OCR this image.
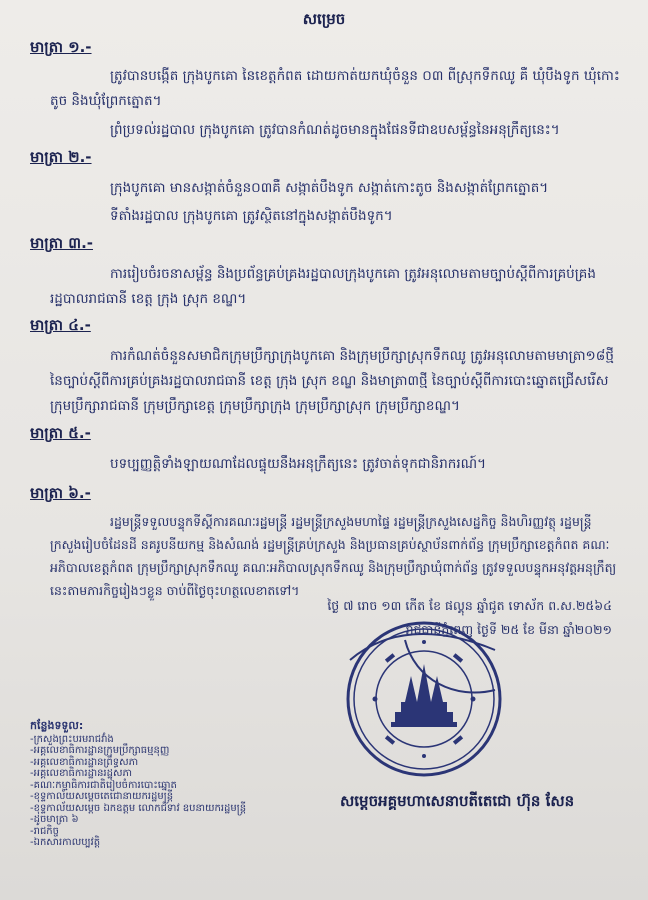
សម្រេច
មាត្រា ១.-
ត្រូវបានបង្កើត ក្រុងបូកគោ នៃខេត្តកំពត ដោយកាត់យកឃុំចំនួន ០៣ ពីស្រុកទឹកឈូ គឺ ឃុំបឹងទូក ឃុំកោះតូច និងឃុំព្រែកត្នោត។
ព្រំប្រទល់រដ្ឋបាល ក្រុងបូកគោ ត្រូវបានកំណត់ដូចមានក្នុងផែនទីជាឧបសម្ព័ន្ធនៃអនុក្រឹត្យនេះ។
មាត្រា ២.-
ក្រុងបូកគោ មានសង្កាត់ចំនួន០៣គឺ សង្កាត់បឹងទូក សង្កាត់កោះតូច និងសង្កាត់ព្រែកត្នោត។
ទីតាំងរដ្ឋបាល ក្រុងបូកគោ ត្រូវស្ថិតនៅក្នុងសង្កាត់បឹងទូក។
មាត្រា ៣.-
ការរៀបចំរចនាសម្ព័ន្ធ និងប្រព័ន្ធគ្រប់គ្រងរដ្ឋបាលក្រុងបូកគោ ត្រូវអនុលោមតាមច្បាប់ស្តីពីការគ្រប់គ្រងរដ្ឋបាលរាជធានី ខេត្ត ក្រុង ស្រុក ខណ្ឌ។
មាត្រា ៤.-
ការកំណត់ចំនួនសមាជិកក្រុមប្រឹក្សាក្រុងបូកគោ និងក្រុមប្រឹក្សាស្រុកទឹកឈូ ត្រូវអនុលោមតាមមាត្រា១៨ថ្មី នៃច្បាប់ស្តីពីការគ្រប់គ្រងរដ្ឋបាលរាជធានី ខេត្ត ក្រុង ស្រុក ខណ្ឌ និងមាត្រា៣ថ្មី នៃច្បាប់ស្តីពីការបោះឆ្នោតជ្រើសរើសក្រុមប្រឹក្សារាជធានី ក្រុមប្រឹក្សាខេត្ត ក្រុមប្រឹក្សាក្រុង ក្រុមប្រឹក្សាស្រុក ក្រុមប្រឹក្សាខណ្ឌ។
មាត្រា ៥.-
បទប្បញ្ញត្តិទាំងឡាយណាដែលផ្ទុយនឹងអនុក្រឹត្យនេះ ត្រូវចាត់ទុកជានិរាករណ៍។
មាត្រា ៦.-
រដ្ឋមន្ត្រីទទួលបន្ទុកទីស្តីការគណៈរដ្ឋមន្ត្រី រដ្ឋមន្ត្រីក្រសួងមហាផ្ទៃ រដ្ឋមន្ត្រីក្រសួងសេដ្ឋកិច្ច និងហិរញ្ញវត្ថុ រដ្ឋមន្ត្រីក្រសួងរៀបចំដែនដី នគរូបនីយកម្ម និងសំណង់ រដ្ឋមន្ត្រីគ្រប់ក្រសួង និងប្រធានគ្រប់ស្ថាប័នពាក់ព័ន្ធ ក្រុមប្រឹក្សាខេត្តកំពត គណៈអភិបាលខេត្តកំពត ក្រុមប្រឹក្សាស្រុកទឹកឈូ គណៈអភិបាលស្រុកទឹកឈូ និងក្រុមប្រឹក្សាឃុំពាក់ព័ន្ធ ត្រូវទទួលបន្ទុកអនុវត្តអនុក្រឹត្យនេះតាមភារកិច្ចរៀងៗខ្លួន ចាប់ពីថ្ងៃចុះហត្ថលេខាតទៅ។
ថ្ងៃ ៧ រោច ១៣ កើត ខែ ផល្គុន ឆ្នាំជូត ទោស័ក ព.ស.២៥៦៤
រាជធានីភ្នំពេញ ថ្ងៃទី ២៥ ខែ មីនា ឆ្នាំ២០២១
កន្លែងទទួល:
-ក្រសួងព្រះបរមរាជវាំង
-អគ្គលេខាធិការដ្ឋានក្រុមប្រឹក្សាធម្មនុញ្ញ
-អគ្គលេខាធិការដ្ឋានព្រឹទ្ធសភា
-អគ្គលេខាធិការដ្ឋានរដ្ឋសភា
-គណៈកម្មាធិការជាតិរៀបចំការបោះឆ្នោត
-ខុទ្ទកាល័យសម្តេចតេជោនាយករដ្ឋមន្ត្រី
-ខុទ្ទកាល័យសម្តេច ឯកឧត្តម លោកជំទាវ ឧបនាយករដ្ឋមន្ត្រី
-ដូចមាត្រា ៦
-រាជកិច្ច
-ឯកសារកាលប្បវត្តិ
សម្តេចអគ្គមហាសេនាបតីតេជោ ហ៊ុន សែន
